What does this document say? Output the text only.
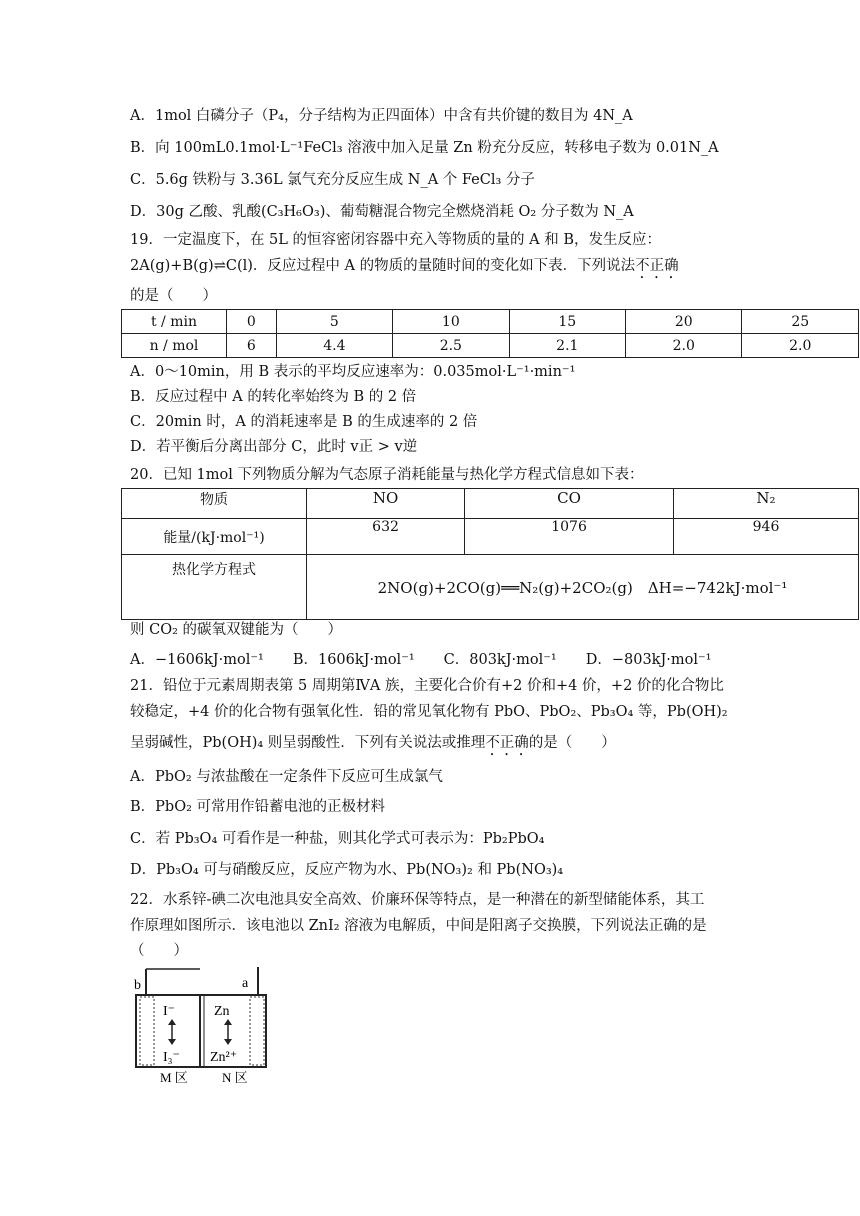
A．1mol 白磷分子（P₄，分子结构为正四面体）中含有共价键的数目为 4N_A
B．向 100mL0.1mol·L⁻¹FeCl₃ 溶液中加入足量 Zn 粉充分反应，转移电子数为 0.01N_A
C．5.6g 铁粉与 3.36L 氯气充分反应生成 N_A 个 FeCl₃ 分子
D．30g 乙酸、乳酸(C₃H₆O₃)、葡萄糖混合物完全燃烧消耗 O₂ 分子数为 N_A
19．一定温度下，在 5L 的恒容密闭容器中充入等物质的量的 A 和 B，发生反应：
2A(g)+B(g)⇌C(l)．反应过程中 A 的物质的量随时间的变化如下表．下列说法不正确
的是（　　）
t / min	0	5	10	15	20	25
n / mol	6	4.4	2.5	2.1	2.0	2.0
A．0～10min，用 B 表示的平均反应速率为：0.035mol·L⁻¹·min⁻¹
B．反应过程中 A 的转化率始终为 B 的 2 倍
C．20min 时，A 的消耗速率是 B 的生成速率的 2 倍
D．若平衡后分离出部分 C，此时 v正 > v逆
20．已知 1mol 下列物质分解为气态原子消耗能量与热化学方程式信息如下表：
物质	NO	CO	N₂
能量/(kJ·mol⁻¹)	632	1076	946
热化学方程式	2NO(g)+2CO(g)══N₂(g)+2CO₂(g)　ΔH=−742kJ·mol⁻¹		
则 CO₂ 的碳氧双键能为（　　）
A．−1606kJ·mol⁻¹　　B．1606kJ·mol⁻¹　　C．803kJ·mol⁻¹　　D．−803kJ·mol⁻¹
21．铅位于元素周期表第 5 周期第ⅣA 族，主要化合价有+2 价和+4 价，+2 价的化合物比
较稳定，+4 价的化合物有强氧化性．铅的常见氧化物有 PbO、PbO₂、Pb₃O₄ 等，Pb(OH)₂
呈弱碱性，Pb(OH)₄ 则呈弱酸性．下列有关说法或推理不正确的是（　　）
A．PbO₂ 与浓盐酸在一定条件下反应可生成氯气
B．PbO₂ 可常用作铅蓄电池的正极材料
C．若 Pb₃O₄ 可看作是一种盐，则其化学式可表示为：Pb₂PbO₄
D．Pb₃O₄ 可与硝酸反应，反应产物为水、Pb(NO₃)₂ 和 Pb(NO₃)₄
22．水系锌-碘二次电池具安全高效、价廉环保等特点，是一种潜在的新型储能体系，其工
作原理如图所示．该电池以 ZnI₂ 溶液为电解质，中间是阳离子交换膜，下列说法正确的是
（　　）
b	a
I⁻
I₃⁻
Zn
Zn²⁺
M 区	N 区
